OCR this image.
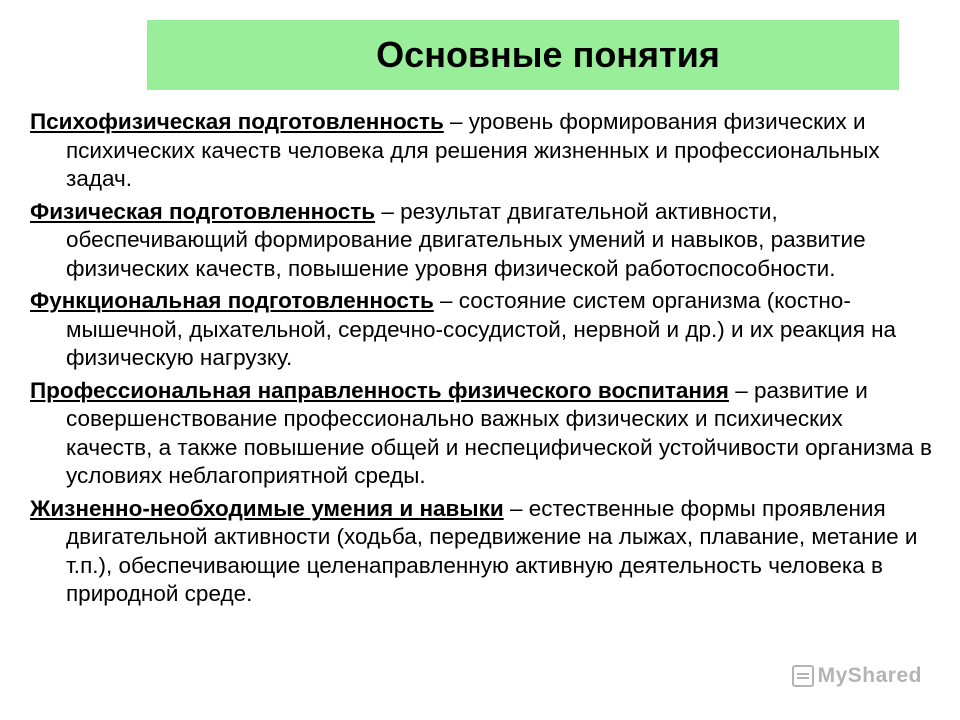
Основные понятия

Психофизическая подготовленность – уровень формирования физических и психических качеств человека для решения жизненных и профессиональных задач.

Физическая подготовленность – результат двигательной активности, обеспечивающий формирование двигательных умений и навыков, развитие физических качеств, повышение уровня физической работоспособности.

Функциональная подготовленность – состояние систем организма (костно-мышечной, дыхательной, сердечно-сосудистой, нервной и др.) и их реакция на физическую нагрузку.

Профессиональная направленность физического воспитания – развитие и совершенствование профессионально важных физических и психических качеств, а также повышение общей и неспецифической устойчивости организма в условиях неблагоприятной среды.

Жизненно-необходимые умения и навыки – естественные формы проявления двигательной активности (ходьба, передвижение на лыжах, плавание, метание и т.п.), обеспечивающие целенаправленную активную деятельность человека в природной среде.

MyShared
